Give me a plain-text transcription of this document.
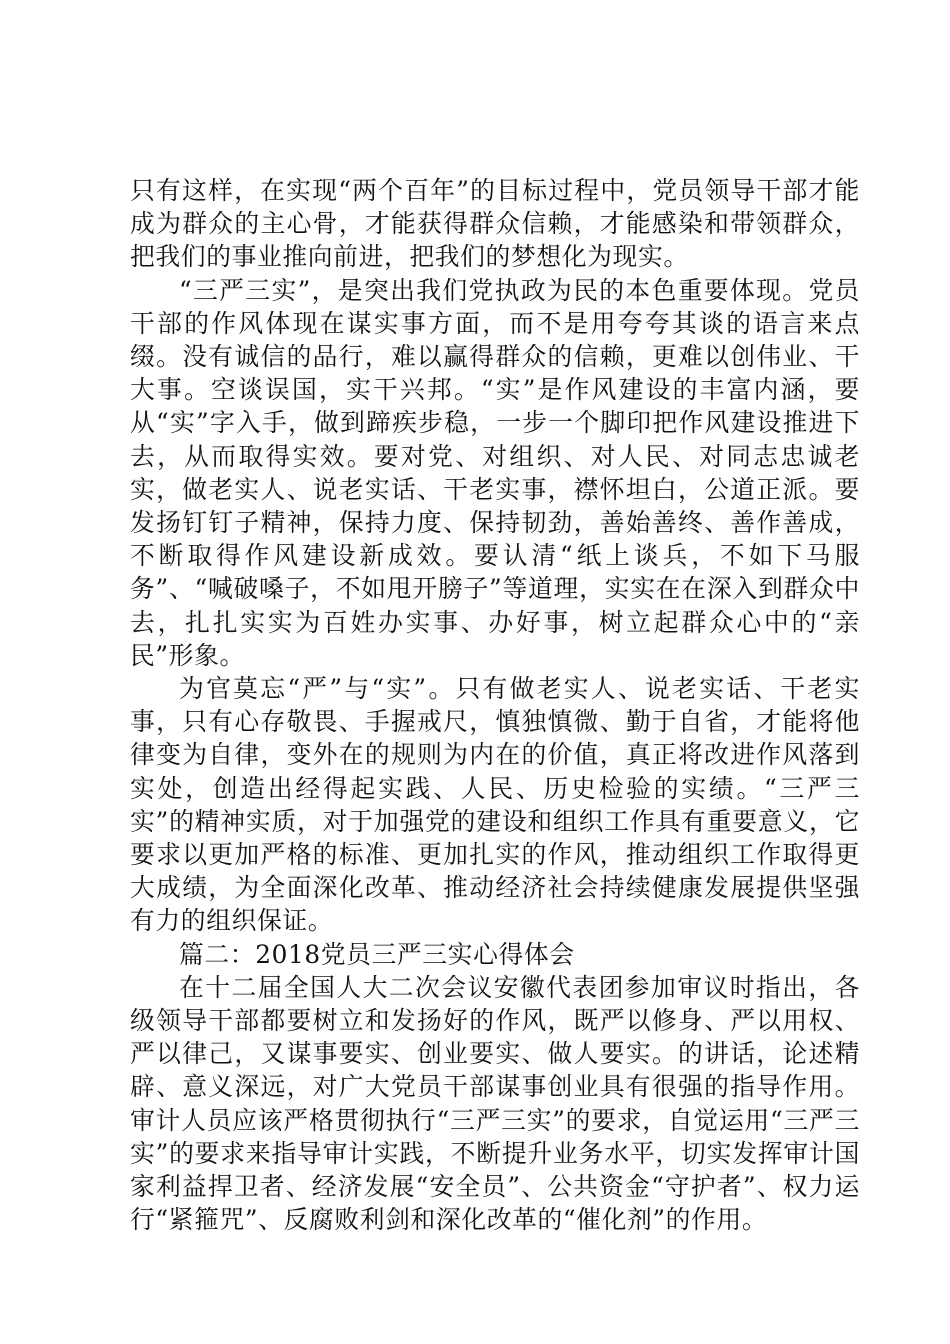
只有这样，在实现“两个百年”的目标过程中，党员领导干部才能成为群众的主心骨，才能获得群众信赖，才能感染和带领群众，把我们的事业推向前进，把我们的梦想化为现实。

“三严三实”，是突出我们党执政为民的本色重要体现。党员干部的作风体现在谋实事方面，而不是用夸夸其谈的语言来点缀。没有诚信的品行，难以赢得群众的信赖，更难以创伟业、干大事。空谈误国，实干兴邦。“实”是作风建设的丰富内涵，要从“实”字入手，做到蹄疾步稳，一步一个脚印把作风建设推进下去，从而取得实效。要对党、对组织、对人民、对同志忠诚老实，做老实人、说老实话、干老实事，襟怀坦白，公道正派。要发扬钉钉子精神，保持力度、保持韧劲，善始善终、善作善成，不断取得作风建设新成效。要认清“纸上谈兵，不如下马服务”、“喊破嗓子，不如甩开膀子”等道理，实实在在深入到群众中去，扎扎实实为百姓办实事、办好事，树立起群众心中的“亲民”形象。

为官莫忘“严”与“实”。只有做老实人、说老实话、干老实事，只有心存敬畏、手握戒尺，慎独慎微、勤于自省，才能将他律变为自律，变外在的规则为内在的价值，真正将改进作风落到实处，创造出经得起实践、人民、历史检验的实绩。“三严三实”的精神实质，对于加强党的建设和组织工作具有重要意义，它要求以更加严格的标准、更加扎实的作风，推动组织工作取得更大成绩，为全面深化改革、推动经济社会持续健康发展提供坚强有力的组织保证。

篇二：2018党员三严三实心得体会

在十二届全国人大二次会议安徽代表团参加审议时指出，各级领导干部都要树立和发扬好的作风，既严以修身、严以用权、严以律己，又谋事要实、创业要实、做人要实。的讲话，论述精辟、意义深远，对广大党员干部谋事创业具有很强的指导作用。审计人员应该严格贯彻执行“三严三实”的要求，自觉运用“三严三实”的要求来指导审计实践，不断提升业务水平，切实发挥审计国家利益捍卫者、经济发展“安全员”、公共资金“守护者”、权力运行“紧箍咒”、反腐败利剑和深化改革的“催化剂”的作用。
